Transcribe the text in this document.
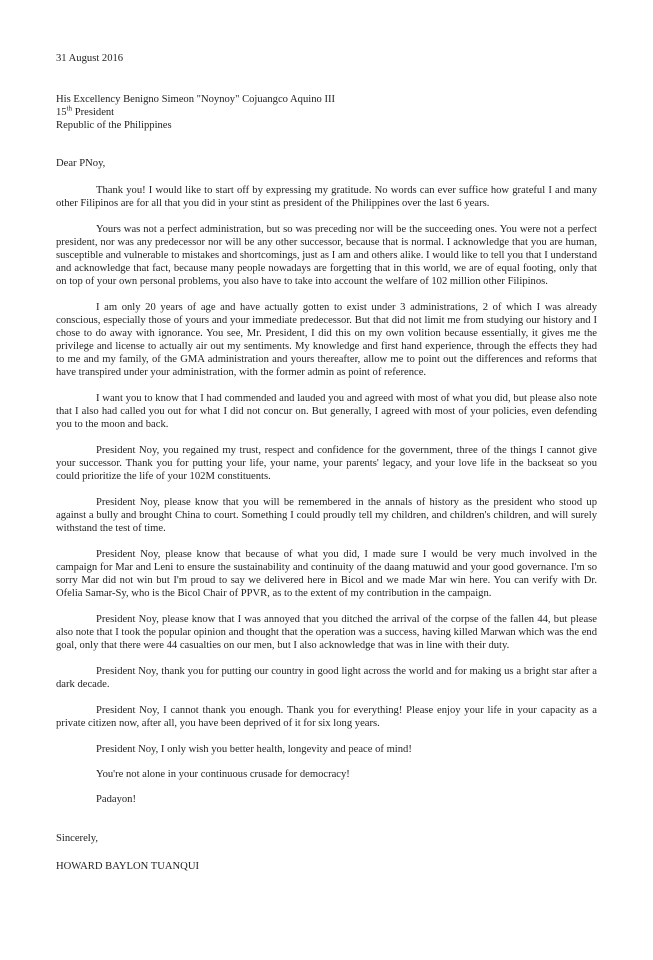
31 August 2016
His Excellency Benigno Simeon "Noynoy" Cojuangco Aquino III
15th President
Republic of the Philippines
Dear PNoy,

Thank you! I would like to start off by expressing my gratitude. No words can ever suffice how grateful I and many other Filipinos are for all that you did in your stint as president of the Philippines over the last 6 years.

Yours was not a perfect administration, but so was preceding nor will be the succeeding ones. You were not a perfect president, nor was any predecessor nor will be any other successor, because that is normal. I acknowledge that you are human, susceptible and vulnerable to mistakes and shortcomings, just as I am and others alike. I would like to tell you that I understand and acknowledge that fact, because many people nowadays are forgetting that in this world, we are of equal footing, only that on top of your own personal problems, you also have to take into account the welfare of 102 million other Filipinos.

I am only 20 years of age and have actually gotten to exist under 3 administrations, 2 of which I was already conscious, especially those of yours and your immediate predecessor. But that did not limit me from studying our history and I chose to do away with ignorance. You see, Mr. President, I did this on my own volition because essentially, it gives me the privilege and license to actually air out my sentiments. My knowledge and first hand experience, through the effects they had to me and my family, of the GMA administration and yours thereafter, allow me to point out the differences and reforms that have transpired under your administration, with the former admin as point of reference.

I want you to know that I had commended and lauded you and agreed with most of what you did, but please also note that I also had called you out for what I did not concur on. But generally, I agreed with most of your policies, even defending you to the moon and back.

President Noy, you regained my trust, respect and confidence for the government, three of the things I cannot give your successor. Thank you for putting your life, your name, your parents' legacy, and your love life in the backseat so you could prioritize the life of your 102M constituents.

President Noy, please know that you will be remembered in the annals of history as the president who stood up against a bully and brought China to court. Something I could proudly tell my children, and children's children, and will surely withstand the test of time.

President Noy, please know that because of what you did, I made sure I would be very much involved in the campaign for Mar and Leni to ensure the sustainability and continuity of the daang matuwid and your good governance. I'm so sorry Mar did not win but I'm proud to say we delivered here in Bicol and we made Mar win here. You can verify with Dr. Ofelia Samar-Sy, who is the Bicol Chair of PPVR, as to the extent of my contribution in the campaign.

President Noy, please know that I was annoyed that you ditched the arrival of the corpse of the fallen 44, but please also note that I took the popular opinion and thought that the operation was a success, having killed Marwan which was the end goal, only that there were 44 casualties on our men, but I also acknowledge that was in line with their duty.

President Noy, thank you for putting our country in good light across the world and for making us a bright star after a dark decade.

President Noy, I cannot thank you enough. Thank you for everything! Please enjoy your life in your capacity as a private citizen now, after all, you have been deprived of it for six long years.

President Noy, I only wish you better health, longevity and peace of mind!

You're not alone in your continuous crusade for democracy!

Padayon!

Sincerely,
HOWARD BAYLON TUANQUI
